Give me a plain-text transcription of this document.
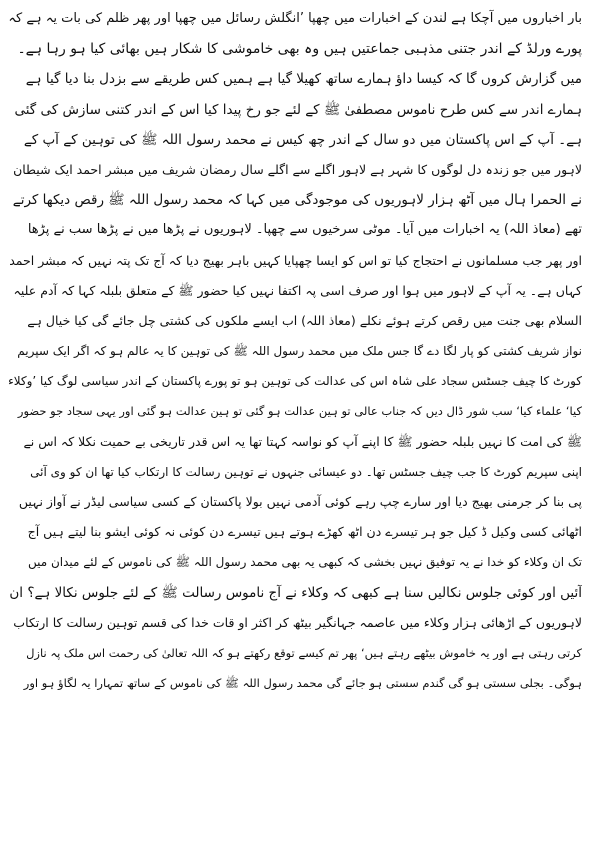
بار اخباروں میں آچکا ہے لندن کے اخبارات میں چھپا ’انگلش رسائل میں چھپا اور پھر ظلم کی بات یہ ہے کہ
پورے ورلڈ کے اندر جتنی مذہبی جماعتیں ہیں وہ بھی خاموشی کا شکار ہیں بھائی کیا ہو رہا ہے۔
میں گزارش کروں گا کہ کیسا داؤ ہمارے ساتھ کھیلا گیا ہے ہمیں کس طریقے سے بزدل بنا دیا گیا ہے
ہمارے اندر سے کس طرح ناموس مصطفیٰ ﷺ کے لئے جو رخ پیدا کیا اس کے اندر کتنی سازش کی گئی
ہے۔ آپ کے اس پاکستان میں دو سال کے اندر چھ کیس نے محمد رسول اللہ ﷺ کی توہین کے آپ کے
لاہور میں جو زندہ دل لوگوں کا شہر ہے لاہور اگلے سے اگلے سال رمضان شریف میں مبشر احمد ایک شیطان
نے الحمرا ہال میں آٹھ ہزار لاہوریوں کی موجودگی میں کہا کہ محمد رسول اللہ ﷺ رقص دیکھا کرتے
تھے (معاذ اللہ) یہ اخبارات میں آیا۔ موٹی سرخیوں سے چھپا۔ لاہوریوں نے پڑھا میں نے پڑھا سب نے پڑھا
اور پھر جب مسلمانوں نے احتجاج کیا تو اس کو ایسا چھپایا کہیں باہر بھیج دیا کہ آج تک پتہ نہیں کہ مبشر احمد
کہاں ہے۔ یہ آپ کے لاہور میں ہوا اور صرف اسی پہ اکتفا نہیں کیا حضور ﷺ کے متعلق بلبلہ کہا کہ آدم علیہ
السلام بھی جنت میں رقص کرتے ہوئے نکلے (معاذ اللہ) اب ایسے ملکوں کی کشتی چل جائے گی کیا خیال ہے
نواز شریف کشتی کو پار لگا دے گا جس ملک میں محمد رسول اللہ ﷺ کی توہین کا یہ عالم ہو کہ اگر ایک سپریم
کورٹ کا چیف جسٹس سجاد علی شاہ اس کی عدالت کی توہین ہو تو پورے پاکستان کے اندر سیاسی لوگ کیا ’وکلاء
کیا‘ علماء کیا‘ سب شور ڈال دیں کہ جناب عالی تو ہین عدالت ہو گئی تو ہین عدالت ہو گئی اور یہی سجاد جو حضور
ﷺ کی امت کا نہیں بلبلہ حضور ﷺ کا اپنے آپ کو نواسہ کہتا تھا یہ اس قدر تاریخی بے حمیت نکلا کہ اس نے
اپنی سپریم کورٹ کا جب چیف جسٹس تھا۔ دو عیسائی جنہوں نے توہین رسالت کا ارتکاب کیا تھا ان کو وی آئی
پی بنا کر جرمنی بھیج دیا اور سارے چپ رہے کوئی آدمی نہیں بولا پاکستان کے کسی سیاسی لیڈر نے آواز نہیں
اٹھائی کسی وکیل ڈ کیل جو ہر تیسرے دن اٹھ کھڑے ہوتے ہیں تیسرے دن کوئی نہ کوئی ایشو بنا لیتے ہیں آج
تک ان وکلاء کو خدا نے یہ توفیق نہیں بخشی کہ کبھی یہ بھی محمد رسول اللہ ﷺ کی ناموس کے لئے میدان میں
آئیں اور کوئی جلوس نکالیں سنا ہے کبھی کہ وکلاء نے آج ناموس رسالت ﷺ کے لئے جلوس نکالا ہے؟ ان
لاہوریوں کے اڑھائی ہزار وکلاء میں عاصمہ جہانگیر بیٹھ کر اکثر او قات خدا کی قسم توہین رسالت کا ارتکاب
کرتی رہتی ہے اور یہ خاموش بیٹھے رہتے ہیں‘ پھر تم کیسے توقع رکھتے ہو کہ اللہ تعالیٰ کی رحمت اس ملک پہ نازل
ہوگی۔ بجلی سستی ہو گی گندم سستی ہو جائے گی محمد رسول اللہ ﷺ کی ناموس کے ساتھ تمہارا یہ لگاؤ ہو اور
